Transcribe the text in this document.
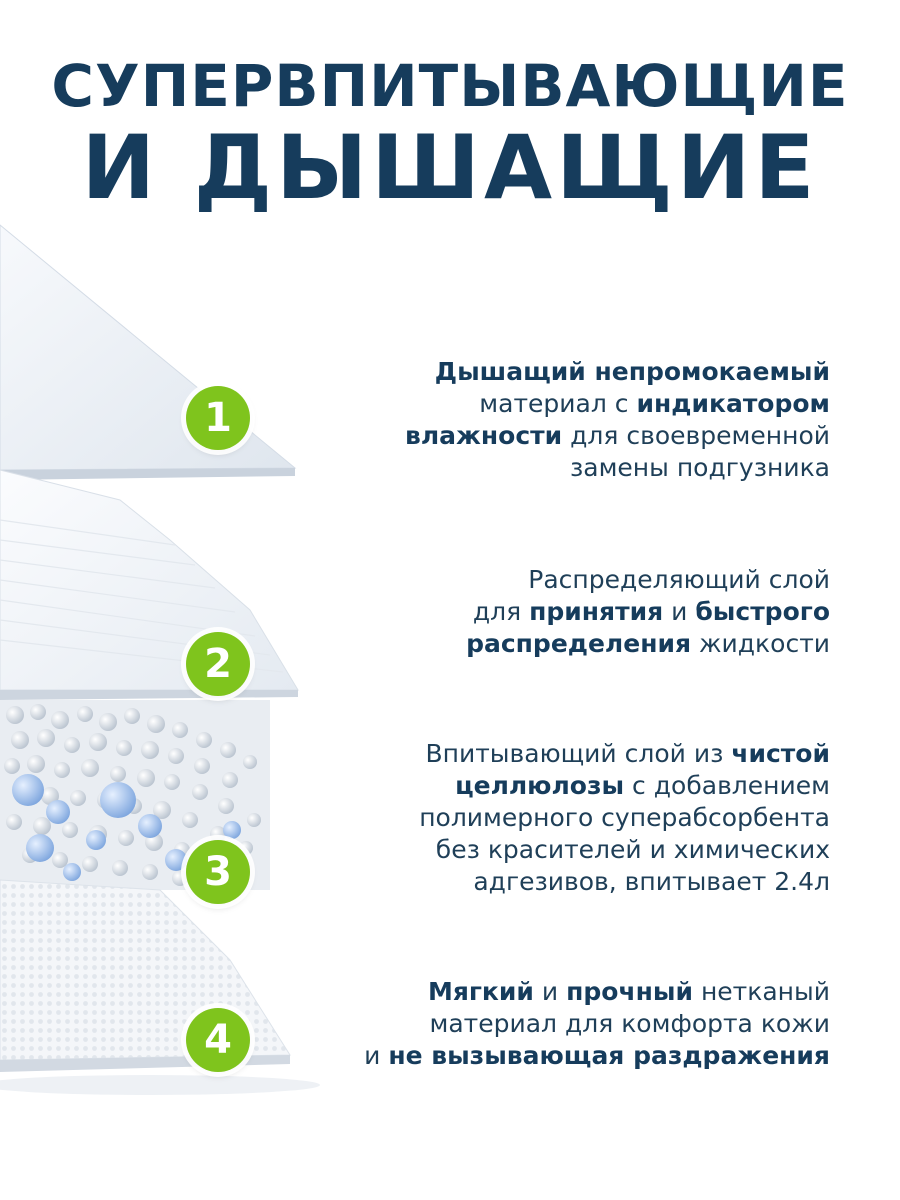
СУПЕРВПИТЫВАЮЩИЕ
И ДЫШАЩИЕ
1
2
3
4
Дышащий непромокаемый
материал с индикатором
влажности для своевременной
замены подгузника
Распределяющий слой
для принятия и быстрого
распределения жидкости
Впитывающий слой из чистой
целлюлозы с добавлением
полимерного суперабсорбента
без красителей и химических
адгезивов, впитывает 2.4л
Мягкий и прочный нетканый
материал для комфорта кожи
и не вызывающая раздражения
